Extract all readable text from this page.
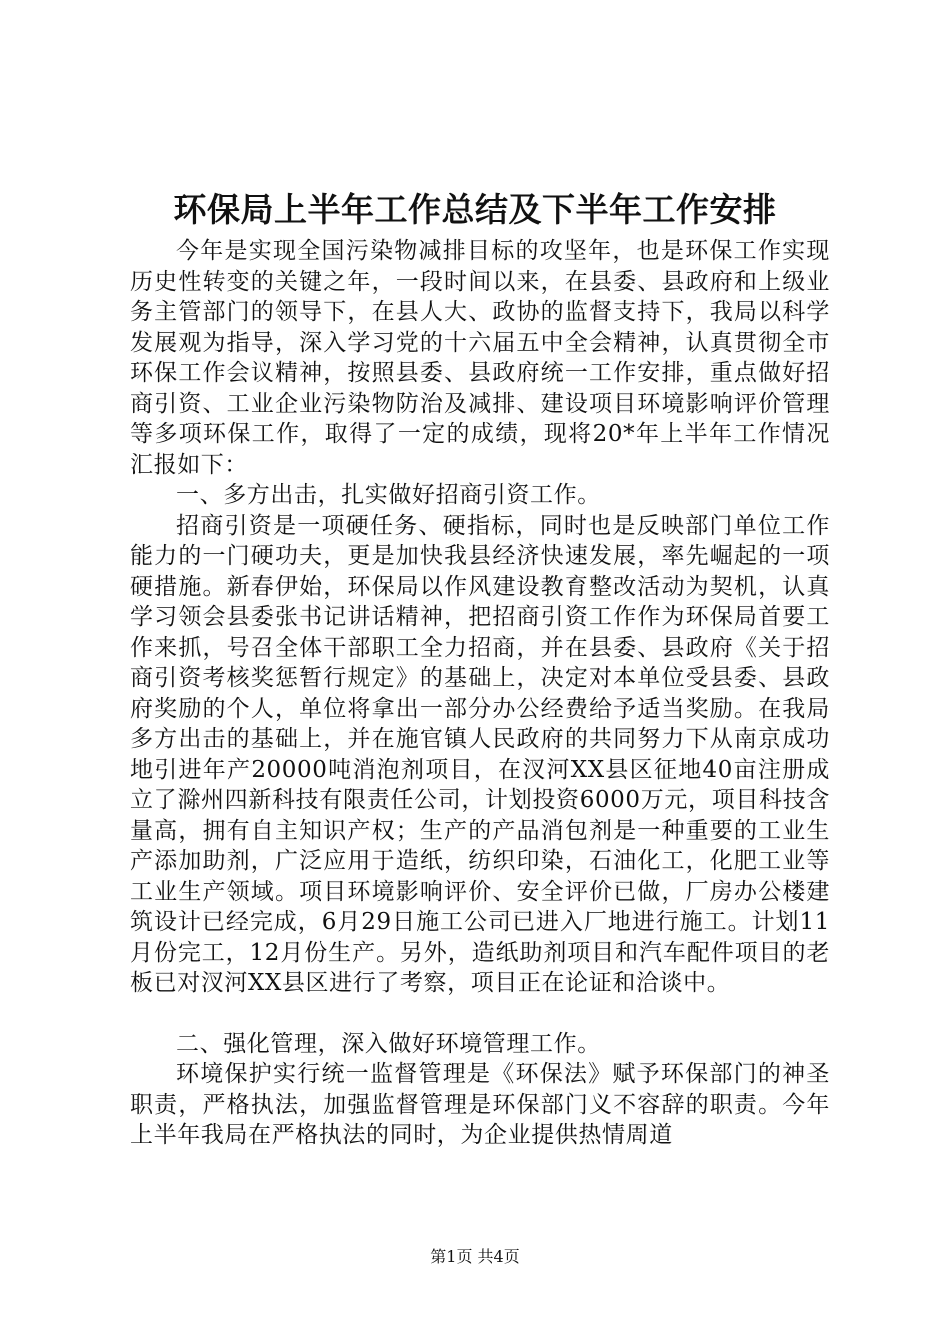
环保局上半年工作总结及下半年工作安排

今年是实现全国污染物减排目标的攻坚年，也是环保工作实现历史性转变的关键之年，一段时间以来，在县委、县政府和上级业务主管部门的领导下，在县人大、政协的监督支持下，我局以科学发展观为指导，深入学习党的十六届五中全会精神，认真贯彻全市环保工作会议精神，按照县委、县政府统一工作安排，重点做好招商引资、工业企业污染物防治及减排、建设项目环境影响评价管理等多项环保工作，取得了一定的成绩，现将20*年上半年工作情况汇报如下：

一、多方出击，扎实做好招商引资工作。

招商引资是一项硬任务、硬指标，同时也是反映部门单位工作能力的一门硬功夫，更是加快我县经济快速发展，率先崛起的一项硬措施。新春伊始，环保局以作风建设教育整改活动为契机，认真学习领会县委张书记讲话精神，把招商引资工作作为环保局首要工作来抓，号召全体干部职工全力招商，并在县委、县政府《关于招商引资考核奖惩暂行规定》的基础上，决定对本单位受县委、县政府奖励的个人，单位将拿出一部分办公经费给予适当奖励。在我局多方出击的基础上，并在施官镇人民政府的共同努力下从南京成功地引进年产20000吨消泡剂项目，在汊河XX县区征地40亩注册成立了滁州四新科技有限责任公司，计划投资6000万元，项目科技含量高，拥有自主知识产权；生产的产品消包剂是一种重要的工业生产添加助剂，广泛应用于造纸，纺织印染，石油化工，化肥工业等工业生产领域。项目环境影响评价、安全评价已做，厂房办公楼建筑设计已经完成，6月29日施工公司已进入厂地进行施工。计划11月份完工，12月份生产。另外，造纸助剂项目和汽车配件项目的老板已对汊河XX县区进行了考察，项目正在论证和洽谈中。

二、强化管理，深入做好环境管理工作。

环境保护实行统一监督管理是《环保法》赋予环保部门的神圣职责，严格执法，加强监督管理是环保部门义不容辞的职责。今年上半年我局在严格执法的同时，为企业提供热情周道

第1页 共4页
